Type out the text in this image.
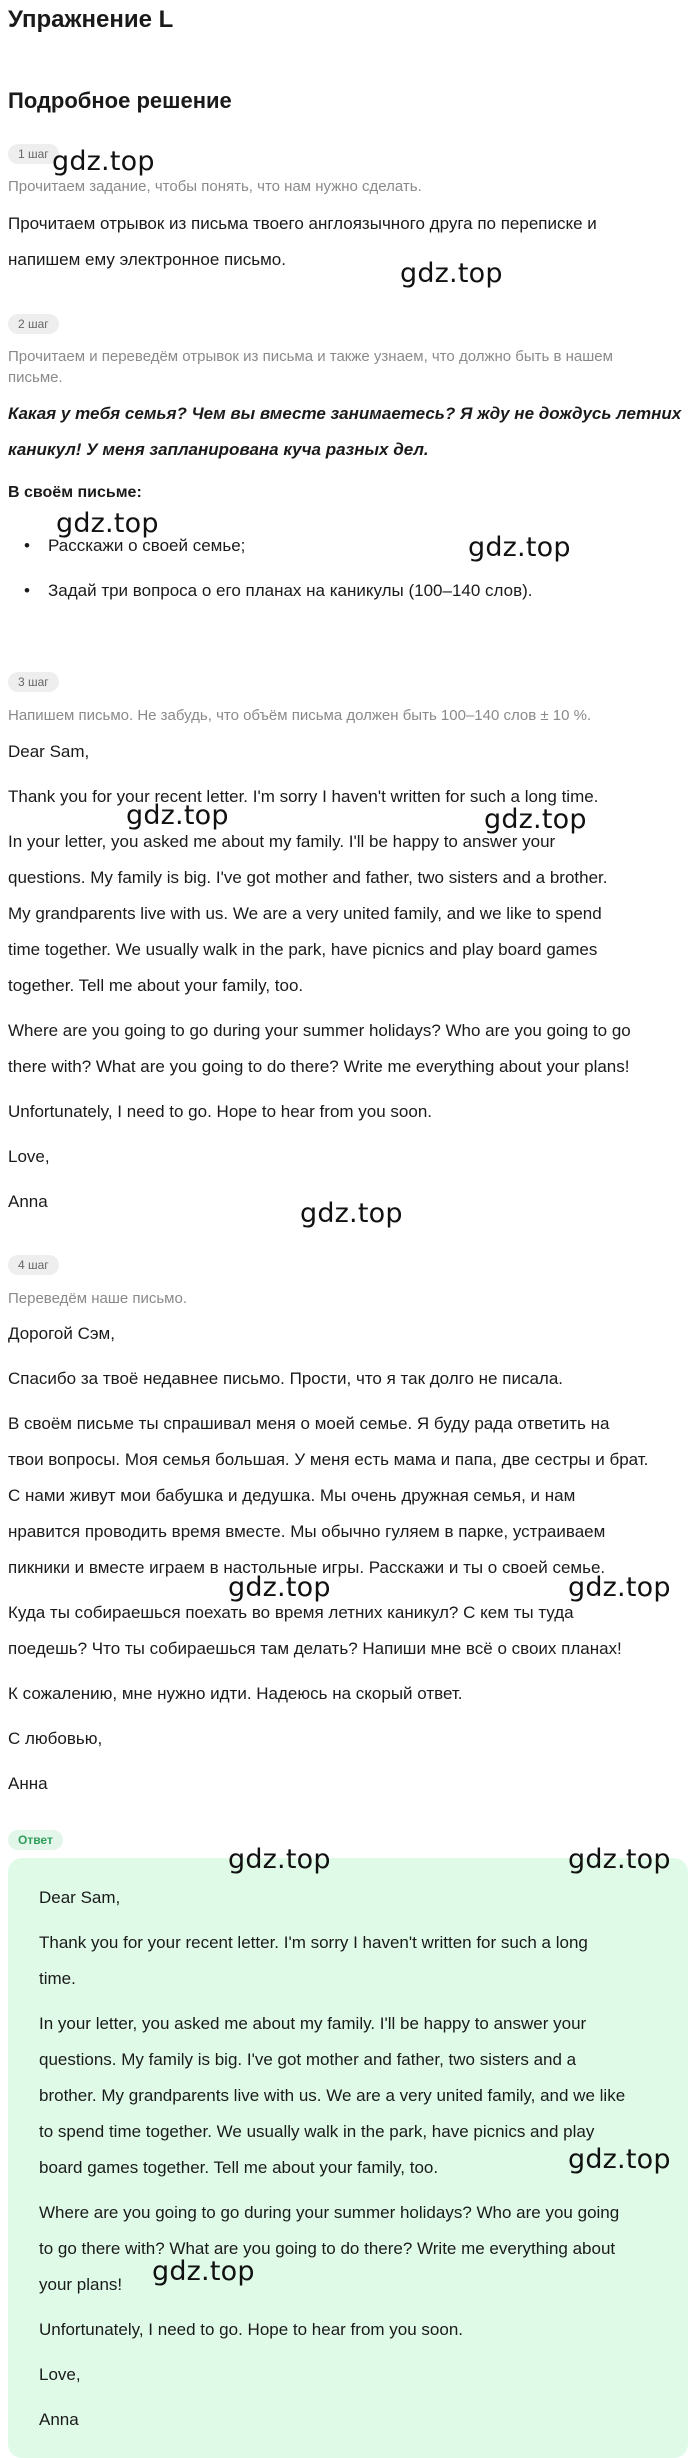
Упражнение L
Подробное решение
1 шаг
Прочитаем задание, чтобы понять, что нам нужно сделать.
Прочитаем отрывок из письма твоего англоязычного друга по переписке и
напишем ему электронное письмо.
2 шаг
Прочитаем и переведём отрывок из письма и также узнаем, что должно быть в нашем
письме.
Какая у тебя семья? Чем вы вместе занимаетесь? Я жду не дождусь летних
каникул! У меня запланирована куча разных дел.
В своём письме:
• Расскажи о своей семье;
• Задай три вопроса о его планах на каникулы (100–140 слов).
3 шаг
Напишем письмо. Не забудь, что объём письма должен быть 100–140 слов ± 10 %.
Dear Sam,
Thank you for your recent letter. I'm sorry I haven't written for such a long time.
In your letter, you asked me about my family. I'll be happy to answer your
questions. My family is big. I've got mother and father, two sisters and a brother.
My grandparents live with us. We are a very united family, and we like to spend
time together. We usually walk in the park, have picnics and play board games
together. Tell me about your family, too.
Where are you going to go during your summer holidays? Who are you going to go
there with? What are you going to do there? Write me everything about your plans!
Unfortunately, I need to go. Hope to hear from you soon.
Love,
Anna
4 шаг
Переведём наше письмо.
Дорогой Сэм,
Спасибо за твоё недавнее письмо. Прости, что я так долго не писала.
В своём письме ты спрашивал меня о моей семье. Я буду рада ответить на
твои вопросы. Моя семья большая. У меня есть мама и папа, две сестры и брат.
С нами живут мои бабушка и дедушка. Мы очень дружная семья, и нам
нравится проводить время вместе. Мы обычно гуляем в парке, устраиваем
пикники и вместе играем в настольные игры. Расскажи и ты о своей семье.
Куда ты собираешься поехать во время летних каникул? С кем ты туда
поедешь? Что ты собираешься там делать? Напиши мне всё о своих планах!
К сожалению, мне нужно идти. Надеюсь на скорый ответ.
С любовью,
Анна
Ответ
Dear Sam,
Thank you for your recent letter. I'm sorry I haven't written for such a long
time.
In your letter, you asked me about my family. I'll be happy to answer your
questions. My family is big. I've got mother and father, two sisters and a
brother. My grandparents live with us. We are a very united family, and we like
to spend time together. We usually walk in the park, have picnics and play
board games together. Tell me about your family, too.
Where are you going to go during your summer holidays? Who are you going
to go there with? What are you going to do there? Write me everything about
your plans!
Unfortunately, I need to go. Hope to hear from you soon.
Love,
Anna
gdz.top
gdz.top
gdz.top
gdz.top
gdz.top	gdz.top
gdz.top
gdz.top	gdz.top
gdz.top	gdz.top
gdz.top
gdz.top
